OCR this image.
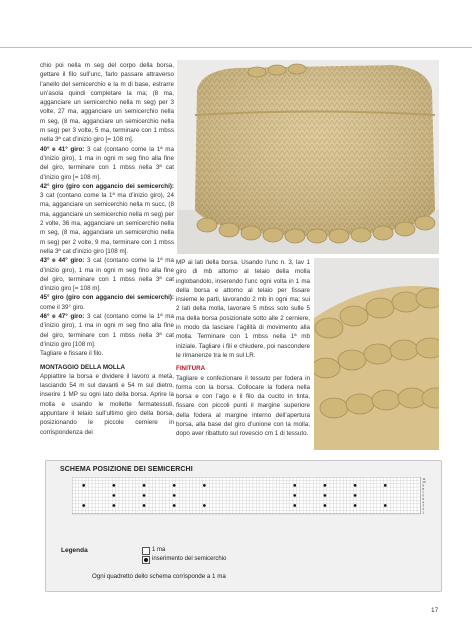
chio poi nella m seg del corpo della borsa, gettare il filo sull’unc, farlo passare attraverso l’anello del semicerchio e la m di base, estrarre un’asola quindi completare la ma; (8 ma, agganciare un semicerchio nella m seg) per 3 volte, 27 ma, agganciare un semicerchio nella m seg, (8 ma, agganciare un semicerchio nella m seg) per 3 volte, 5 ma, terminare con 1 mbss nella 3ª cat d’inizio giro [= 108 m].

40° e 41° giro: 3 cat (contano come la 1ª ma d’inizio giro), 1 ma in ogni m seg fino alla fine del giro, terminare con 1 mbss nella 3ª cat d’inizio giro [= 108 m].

42° giro (giro con aggancio dei semicerchi): 3 cat (contano come la 1ª ma d’inizio giro), 24 ma, agganciare un semicerchio nella m succ, (8 ma, agganciare un semicerchio nella m seg) per 2 volte, 36 ma, agganciare un semicerchio nella m seg, (8 ma, agganciare un semicerchio nella m seg) per 2 volte, 9 ma, terminare con 1 mbss nella 3ª cat d’inizio giro [108 m].

43° e 44° giro: 3 cat (contano come la 1ª ma d’inizio giro), 1 ma in ogni m seg fino alla fine del giro, terminare con 1 mbss nella 3ª cat d’inizio giro [= 108 m].

45° giro (giro con aggancio dei semicerchi): come il 39° giro.

46° e 47° giro: 3 cat (contano come la 1ª ma d’inizio giro), 1 ma in ogni m seg fino alla fine del giro, terminare con 1 mbss nella 3ª cat d’inizio giro [108 m].

Tagliare e fissare il filo.

MONTAGGIO DELLA MOLLA

Appiattire la borsa e dividere il lavoro a metà, lasciando 54 m sul davanti e 54 m sul dietro, inserire 1 MP su ogni lato della borsa. Aprire la molla e usando le mollette fermatessuti, appuntare il telaio sull’ultimo giro della borsa, posizionando le piccole cerniere in corrispondenza dei

MP ai lati della borsa. Usando l’unc n. 3, lav 1 giro di mb attorno al telaio della molla inglobandolo, inserendo l’unc ogni volta in 1 ma della borsa e attorno al telaio per fissare insieme le parti, lavorando 2 mb in ogni ma; sui 2 lati della molla, lavorare 5 mbss solo sulle 5 ma della borsa posizionate sotto alle 2 cerniere, in modo da lasciare l’agilità di movimento alla molla. Terminare con 1 mbss nella 1ª mb iniziale. Tagliare i fili e chiudere, poi nascondere le rimanenze tra le m sul LR.

FINITURA

Tagliare e confezionare il tessuto per fodera in forma con la borsa. Collocare la fodera nella borsa e con l’ago e il filo da cucito in tinta, fissare con piccoli punti il margine superiore della fodera al margine interno dell’apertura borsa, alla base del giro d’unione con la molla, dopo aver ribattuto sul rovescio cm 1 di tessuto.

SCHEMA POSIZIONE DEI SEMICERCHI
11
10
9
8
7
6
5
4
3
2
1
Legenda	1 ma
inserimento del semicerchio
Ogni quadretto dello schema corrisponde a 1 ma
17
